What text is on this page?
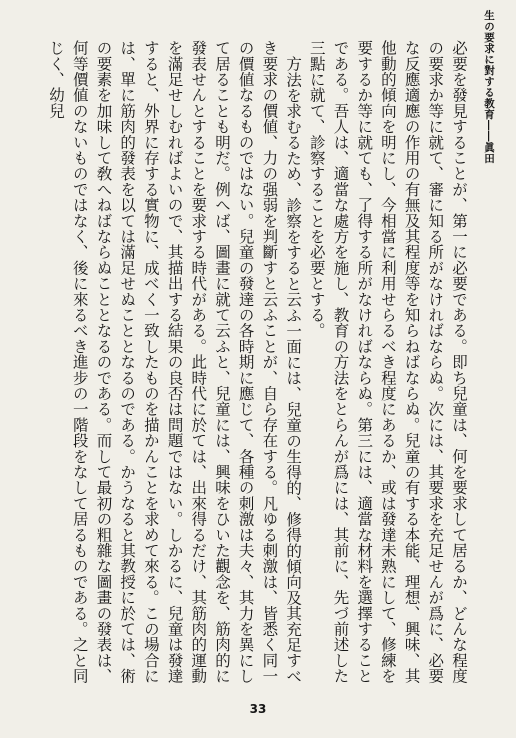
生の要求に對する教育――眞田

必要を發見することが、第一に必要である。即ち兒童は、何を要求して居るか、どんな程度の要求か等に就て、審に知る所がなければならぬ。次には、其要求を充足せんが爲に、必要な反應適應の作用の有無及其程度等を知らねばならぬ。兒童の有する本能、理想、興味、其他動的傾向を明にし、今相當に利用せらるべき程度にあるか、或は發達未熟にして、修練を要するか等に就ても、了得する所がなければならぬ。第三には、適當な材料を選擇することである。吾人は、適當な處方を施し、教育の方法をとらんが爲には、其前に、先づ前述した三點に就て、診察することを必要とする。

方法を求むるため、診察をすると云ふ一面には、兒童の生得的、修得的傾向及其充足すべき要求の價値、力の强弱を判斷すと云ふことが、自ら存在する。凡ゆる刺激は、皆悉く同一の價値なるものではない。兒童の發達の各時期に應じて、各種の刺激は夫々、其力を異にして居ることも明だ。例へば、圖畫に就て云ふと、兒童には、興味をひいた觀念を、筋肉的に發表せんとすることを要求する時代がある。此時代に於ては、出來得るだけ、其筋肉的運動を滿足せしむればよいので、其描出する結果の良否は問題ではない。しかるに、兒童は發達すると、外界に存する實物に、成べく一致したものを描かんことを求めて來る。この場合には、單に筋肉的發表を以ては滿足せぬこととなるのである。かうなると其教授に於ては、術の要素を加味して敎へねばならぬこととなるのである。而して最初の粗雜な圖畫の發表は、何等價値のないものではなく、後に來るべき進步の一階段をなして居るものである。之と同じく、幼兒

33
